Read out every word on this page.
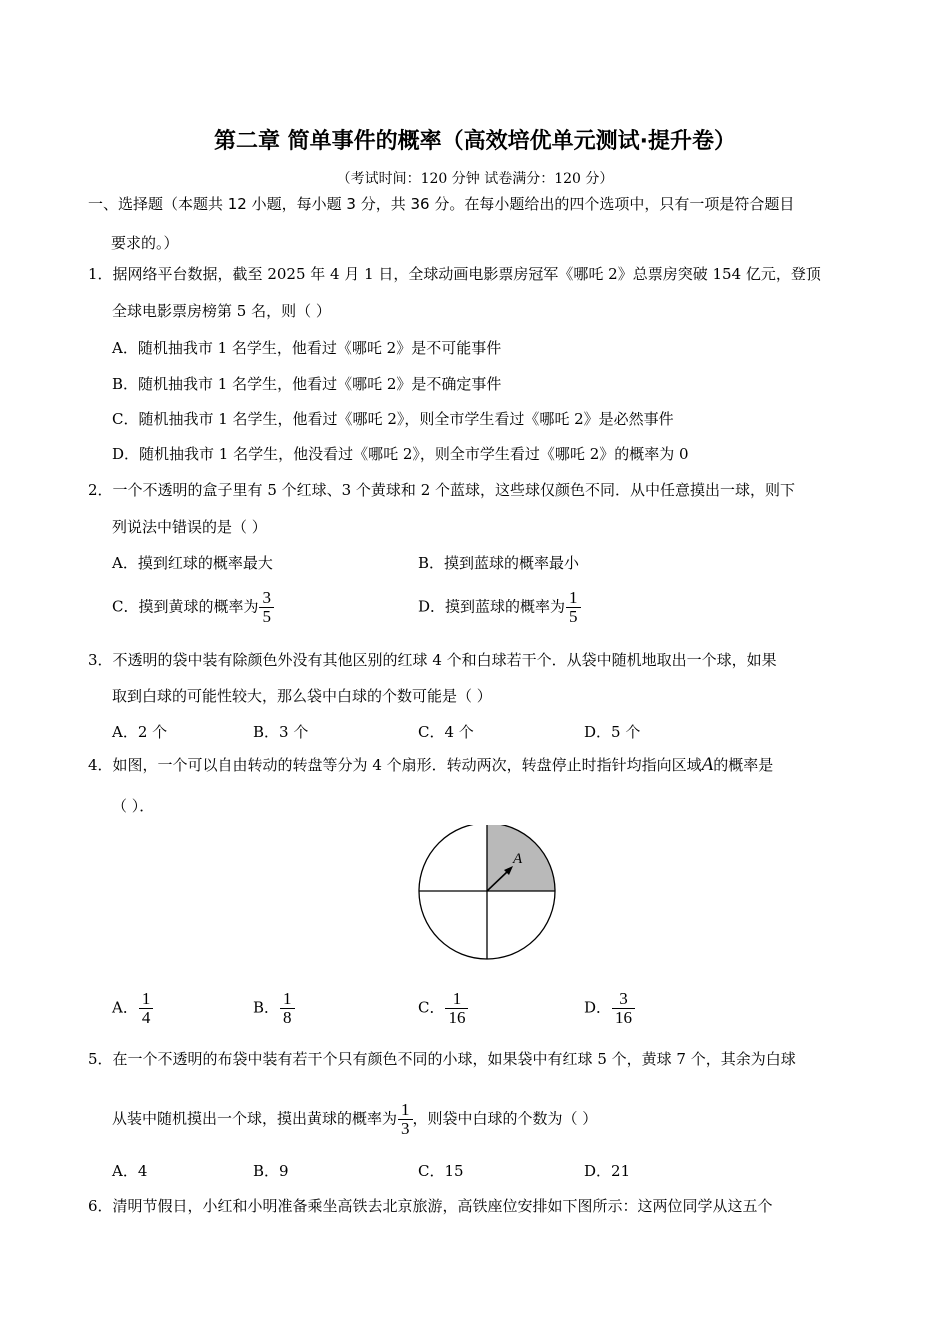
第二章 简单事件的概率（高效培优单元测试·提升卷）
（考试时间：120 分钟 试卷满分：120 分）
一、选择题（本题共 12 小题，每小题 3 分，共 36 分。在每小题给出的四个选项中，只有一项是符合题目
要求的。）
1．据网络平台数据，截至 2025 年 4 月 1 日，全球动画电影票房冠军《哪吒 2》总票房突破 154 亿元，登顶
全球电影票房榜第 5 名，则（ ）
A．随机抽我市 1 名学生，他看过《哪吒 2》是不可能事件
B．随机抽我市 1 名学生，他看过《哪吒 2》是不确定事件
C．随机抽我市 1 名学生，他看过《哪吒 2》，则全市学生看过《哪吒 2》是必然事件
D．随机抽我市 1 名学生，他没看过《哪吒 2》，则全市学生看过《哪吒 2》的概率为 0
2．一个不透明的盒子里有 5 个红球、3 个黄球和 2 个蓝球，这些球仅颜色不同．从中任意摸出一球，则下
列说法中错误的是（ ）
A．摸到红球的概率最大	B．摸到蓝球的概率最小
C．摸到黄球的概率为 $\frac{3}{5}$	D．摸到蓝球的概率为 $\frac{1}{5}$
3．不透明的袋中装有除颜色外没有其他区别的红球 4 个和白球若干个．从袋中随机地取出一个球，如果
取到白球的可能性较大，那么袋中白球的个数可能是（ ）
A．2 个	B．3 个	C．4 个	D．5 个
4．如图，一个可以自由转动的转盘等分为 4 个扇形．转动两次，转盘停止时指针均指向区域A的概率是
（ ）．
A
A． $\frac{1}{4}$	B． $\frac{1}{8}$	C． $\frac{1}{16}$	D． $\frac{3}{16}$
5．在一个不透明的布袋中装有若干个只有颜色不同的小球，如果袋中有红球 5 个，黄球 7 个，其余为白球
从装中随机摸出一个球，摸出黄球的概率为 $\frac{1}{3}$ ，则袋中白球的个数为（ ）
A．4	B．9	C．15	D．21
6．清明节假日，小红和小明准备乘坐高铁去北京旅游，高铁座位安排如下图所示：这两位同学从这五个
